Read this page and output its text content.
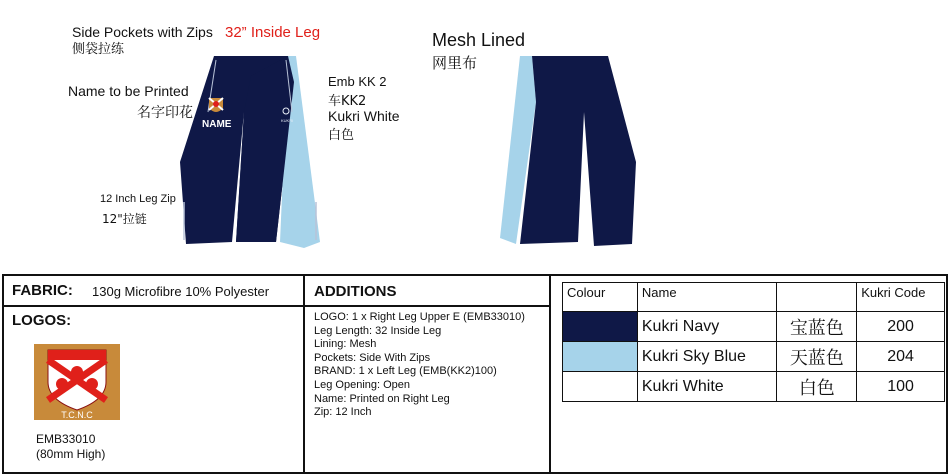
Side Pockets with Zips
侧袋拉练
32” Inside Leg
Name to be Printed
名字印花
Emb KK 2
车KK2
Kukri White
白色
12 Inch Leg Zip
12"拉链
Mesh Lined
网里布
KUKRI
NAME
FABRIC: 130g Microfibre 10% Polyester
LOGOS:
T.C.N.C
EMB33010
(80mm High)
ADDITIONS
LOGO: 1 x Right Leg Upper E (EMB33010)
Leg Length: 32 Inside Leg
Lining: Mesh
Pockets: Side With Zips
BRAND: 1 x Left Leg (EMB(KK2)100)
Leg Opening: Open
Name: Printed on Right Leg
Zip: 12 Inch
Colour	Name		Kukri Code
	Kukri Navy	宝蓝色	200
	Kukri Sky Blue	天蓝色	204
	Kukri White	白色	100
